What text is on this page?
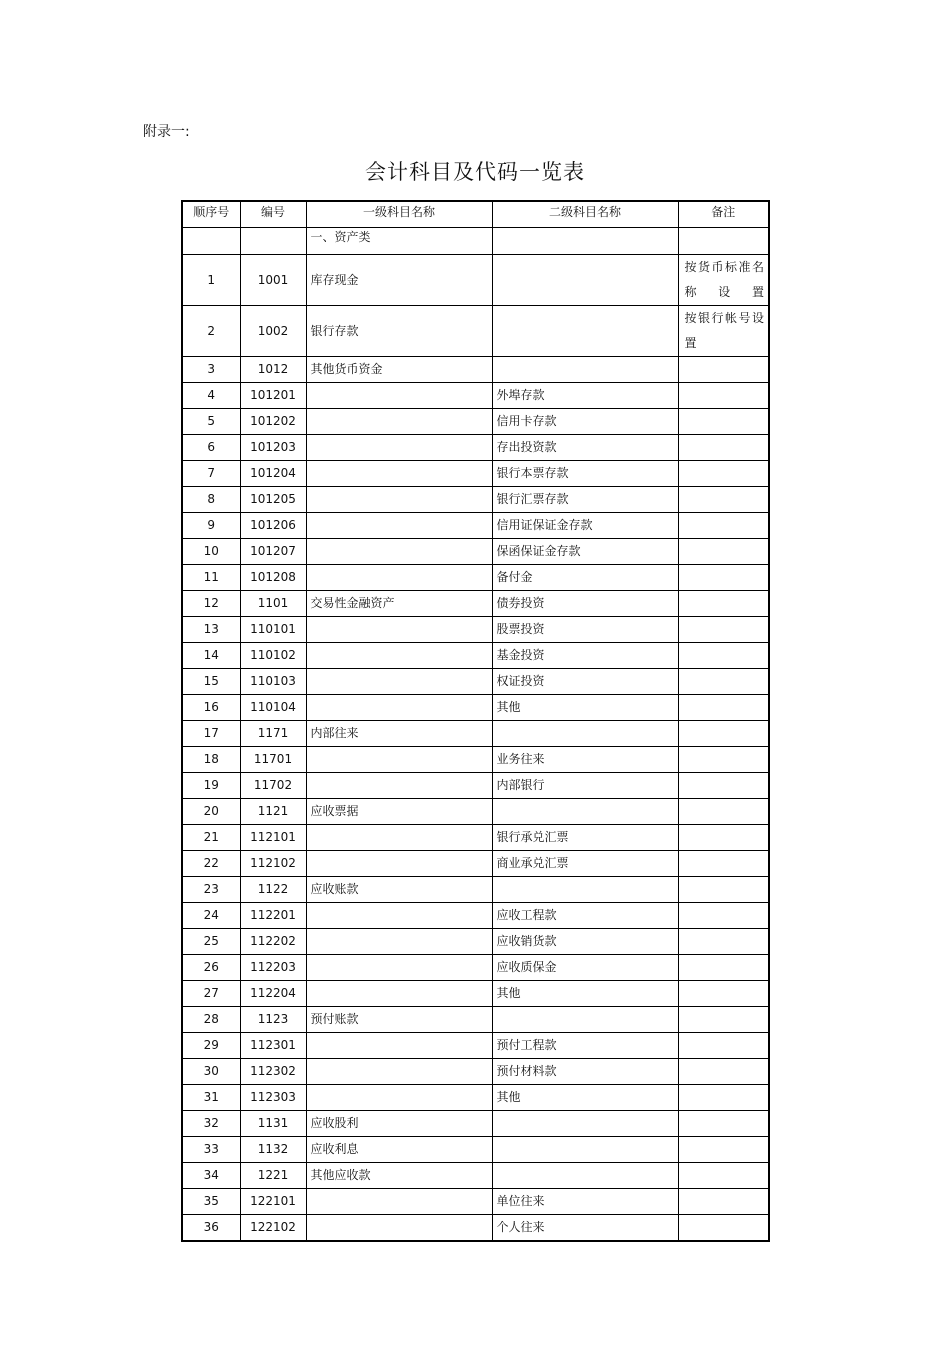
附录一:
会计科目及代码一览表
顺序号	编号	一级科目名称	二级科目名称	备注
		一、资产类		
1	1001	库存现金		按货币标准名称设置
2	1002	银行存款		按银行帐号设置
3	1012	其他货币资金		
4	101201		外埠存款	
5	101202		信用卡存款	
6	101203		存出投资款	
7	101204		银行本票存款	
8	101205		银行汇票存款	
9	101206		信用证保证金存款	
10	101207		保函保证金存款	
11	101208		备付金	
12	1101	交易性金融资产	债券投资	
13	110101		股票投资	
14	110102		基金投资	
15	110103		权证投资	
16	110104		其他	
17	1171	内部往来		
18	11701		业务往来	
19	11702		内部银行	
20	1121	应收票据		
21	112101		银行承兑汇票	
22	112102		商业承兑汇票	
23	1122	应收账款		
24	112201		应收工程款	
25	112202		应收销货款	
26	112203		应收质保金	
27	112204		其他	
28	1123	预付账款		
29	112301		预付工程款	
30	112302		预付材料款	
31	112303		其他	
32	1131	应收股利		
33	1132	应收利息		
34	1221	其他应收款		
35	122101		单位往来	
36	122102		个人往来	
